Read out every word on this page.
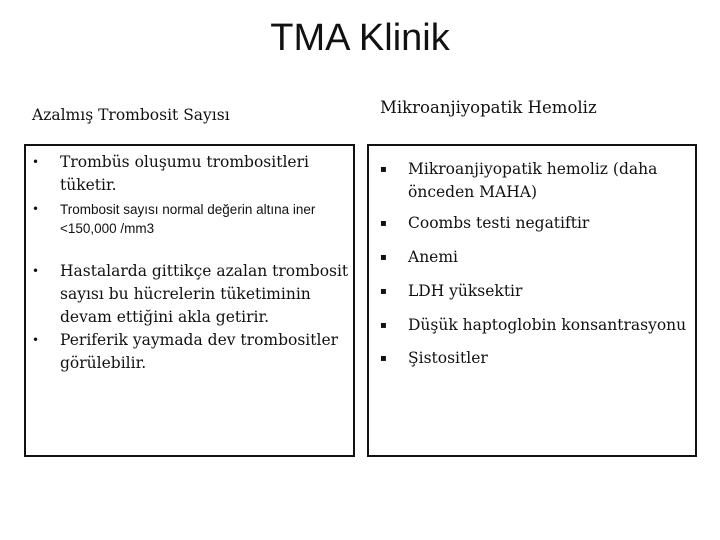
TMA Klinik
Azalmış Trombosit Sayısı	Mikroanjiyopatik Hemoliz
• Trombüs oluşumu trombositleri tüketir.
• Trombosit sayısı normal değerin altına iner <150,000 /mm3
• Hastalarda gittikçe azalan trombosit sayısı bu hücrelerin tüketiminin devam ettiğini akla getirir.
• Periferik yaymada dev trombositler görülebilir.
▪ Mikroanjiyopatik hemoliz (daha önceden MAHA)
▪ Coombs testi negatiftir
▪ Anemi
▪ LDH yüksektir
▪ Düşük haptoglobin konsantrasyonu
▪ Şistositler
